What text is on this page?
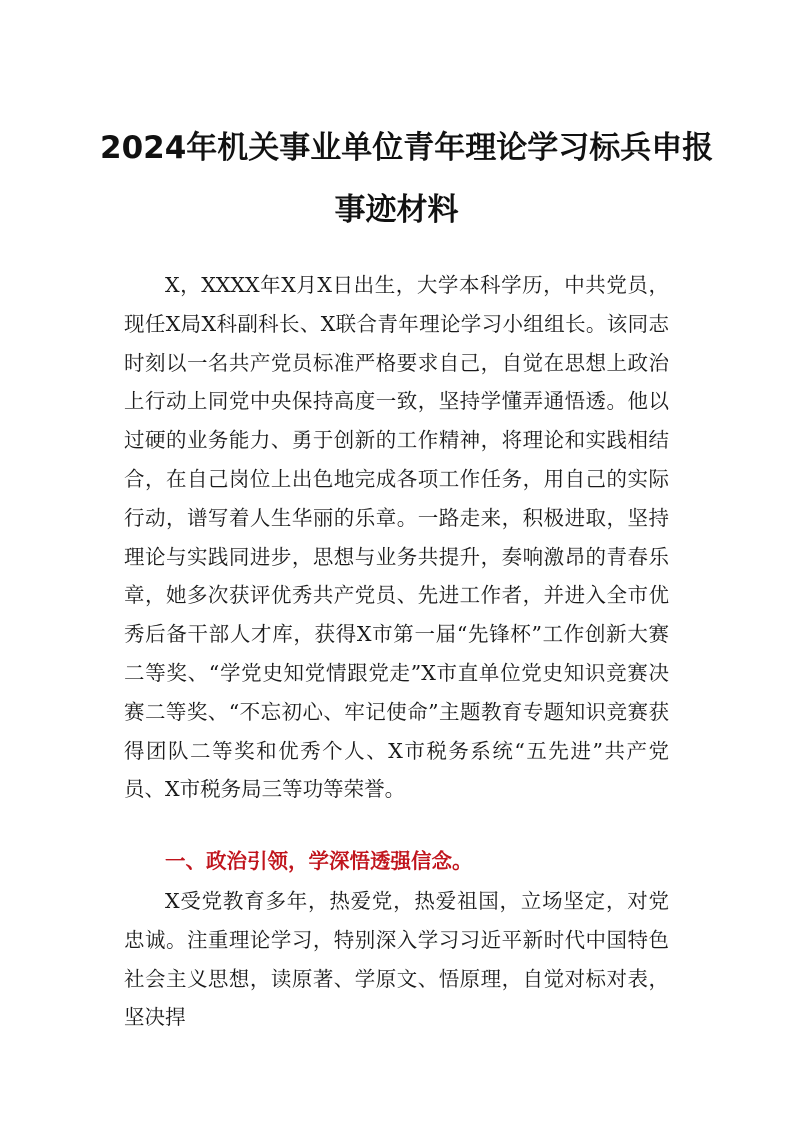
2024年机关事业单位青年理论学习标兵申报
事迹材料

X，XXXX年X月X日出生，大学本科学历，中共党员，现任X局X科副科长、X联合青年理论学习小组组长。该同志时刻以一名共产党员标准严格要求自己，自觉在思想上政治上行动上同党中央保持高度一致，坚持学懂弄通悟透。他以过硬的业务能力、勇于创新的工作精神，将理论和实践相结合，在自己岗位上出色地完成各项工作任务，用自己的实际行动，谱写着人生华丽的乐章。一路走来，积极进取，坚持理论与实践同进步，思想与业务共提升，奏响激昂的青春乐章，她多次获评优秀共产党员、先进工作者，并进入全市优秀后备干部人才库，获得X市第一届“先锋杯”工作创新大赛二等奖、“学党史知党情跟党走”X市直单位党史知识竞赛决赛二等奖、“不忘初心、牢记使命”主题教育专题知识竞赛获得团队二等奖和优秀个人、X市税务系统“五先进”共产党员、X市税务局三等功等荣誉。

一、政治引领，学深悟透强信念。

X受党教育多年，热爱党，热爱祖国，立场坚定，对党忠诚。注重理论学习，特别深入学习习近平新时代中国特色社会主义思想，读原著、学原文、悟原理，自觉对标对表，坚决捍
